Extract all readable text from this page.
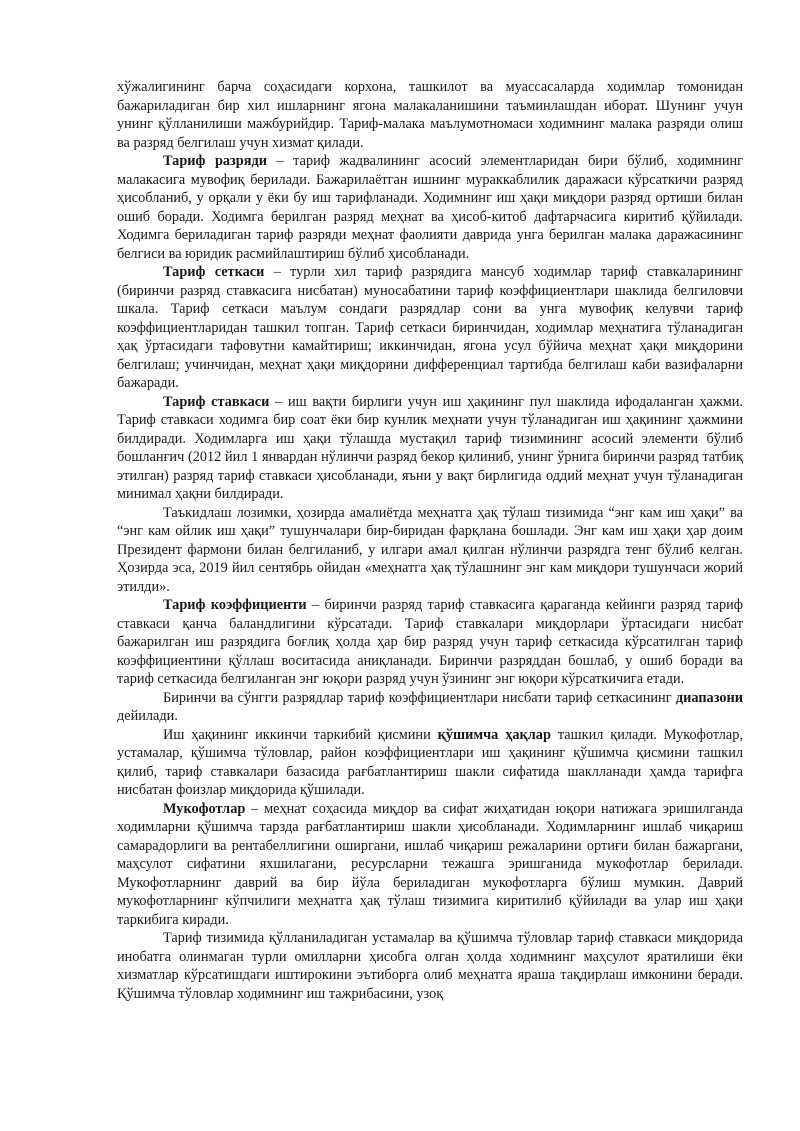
хўжалигининг барча соҳасидаги корхона, ташкилот ва муассасаларда ходимлар томонидан бажариладиган бир хил ишларнинг ягона малакаланишини таъминлашдан иборат. Шунинг учун унинг қўлланилиши мажбурийдир. Тариф-малака маълумотномаси ходимнинг малака разряди олиш ва разряд белгилаш учун хизмат қилади.

Тариф разряди – тариф жадвалининг асосий элементларидан бири бўлиб, ходимнинг малакасига мувофиқ берилади. Бажарилаётган ишнинг мураккаблилик даражаси кўрсаткичи разряд ҳисобланиб, у орқали у ёки бу иш тарифланади. Ходимнинг иш ҳақи миқдори разряд ортиши билан ошиб боради. Ходимга берилган разряд меҳнат ва ҳисоб-китоб дафтарчасига киритиб қўйилади. Ходимга бериладиган тариф разряди меҳнат фаолияти даврида унга берилган малака даражасининг белгиси ва юридик расмийлаштириш бўлиб ҳисобланади.

Тариф сеткаси – турли хил тариф разрядига мансуб ходимлар тариф ставкаларининг (биринчи разряд ставкасига нисбатан) муносабатини тариф коэффициентлари шаклида белгиловчи шкала. Тариф сеткаси маълум сондаги разрядлар сони ва унга мувофиқ келувчи тариф коэффициентларидан ташкил топган. Тариф сеткаси биринчидан, ходимлар меҳнатига тўланадиган ҳақ ўртасидаги тафовутни камайтириш; иккинчидан, ягона усул бўйича меҳнат ҳақи миқдорини белгилаш; учинчидан, меҳнат ҳақи миқдорини дифференциал тартибда белгилаш каби вазифаларни бажаради.

Тариф ставкаси – иш вақти бирлиги учун иш ҳақининг пул шаклида ифодаланган ҳажми. Тариф ставкаси ходимга бир соат ёки бир кунлик меҳнати учун тўланадиган иш ҳақининг ҳажмини билдиради. Ходимларга иш ҳақи тўлашда мустақил тариф тизимининг асосий элементи бўлиб бошланғич (2012 йил 1 январдан нўлинчи разряд бекор қилиниб, унинг ўрнига биринчи разряд татбиқ этилган) разряд тариф ставкаси ҳисобланади, яъни у вақт бирлигида оддий меҳнат учун тўланадиган минимал ҳақни билдиради.

Таъкидлаш лозимки, ҳозирда амалиётда меҳнатга ҳақ тўлаш тизимида “энг кам иш ҳақи” ва “энг кам ойлик иш ҳақи” тушунчалари бир-биридан фарқлана бошлади. Энг кам иш ҳақи ҳар доим Президент фармони билан белгиланиб, у илгари амал қилган нўлинчи разрядга тенг бўлиб келган. Ҳозирда эса, 2019 йил сентябрь ойидан «меҳнатга ҳақ тўлашнинг энг кам миқдори тушунчаси жорий этилди».

Тариф коэффициенти – биринчи разряд тариф ставкасига қараганда кейинги разряд тариф ставкаси қанча баландлигини кўрсатади. Тариф ставкалари миқдорлари ўртасидаги нисбат бажарилган иш разрядига боғлиқ ҳолда ҳар бир разряд учун тариф сеткасида кўрсатилган тариф коэффициентини қўллаш воситасида аниқланади. Биринчи разряддан бошлаб, у ошиб боради ва тариф сеткасида белгиланган энг юқори разряд учун ўзининг энг юқори кўрсаткичига етади.

Биринчи ва сўнгги разрядлар тариф коэффициентлари нисбати тариф сеткасининг диапазони дейилади.

Иш ҳақининг иккинчи таркибий қисмини қўшимча ҳақлар ташкил қилади. Мукофотлар, устамалар, қўшимча тўловлар, район коэффициентлари иш ҳақининг қўшимча қисмини ташкил қилиб, тариф ставкалари базасида рағбатлантириш шакли сифатида шаклланади ҳамда тарифга нисбатан фоизлар миқдорида қўшилади.

Мукофотлар – меҳнат соҳасида миқдор ва сифат жиҳатидан юқори натижага эришилганда ходимларни қўшимча тарзда рағбатлантириш шакли ҳисобланади. Ходимларнинг ишлаб чиқариш самарадорлиги ва рентабеллигини оширгани, ишлаб чиқариш режаларини ортиғи билан бажаргани, маҳсулот сифатини яхшилагани, ресурсларни тежашга эришганида мукофотлар берилади. Мукофотларнинг даврий ва бир йўла бериладиган мукофотларга бўлиш мумкин. Даврий мукофотларнинг кўпчилиги меҳнатга ҳақ тўлаш тизимига киритилиб қўйилади ва улар иш ҳақи таркибига киради.

Тариф тизимида қўлланиладиган устамалар ва қўшимча тўловлар тариф ставкаси миқдорида инобатга олинмаган турли омилларни ҳисобга олган ҳолда ходимнинг маҳсулот яратилиши ёки хизматлар кўрсатишдаги иштирокини эътиборга олиб меҳнатга яраша тақдирлаш имконини беради. Қўшимча тўловлар ходимнинг иш тажрибасини, узоқ
